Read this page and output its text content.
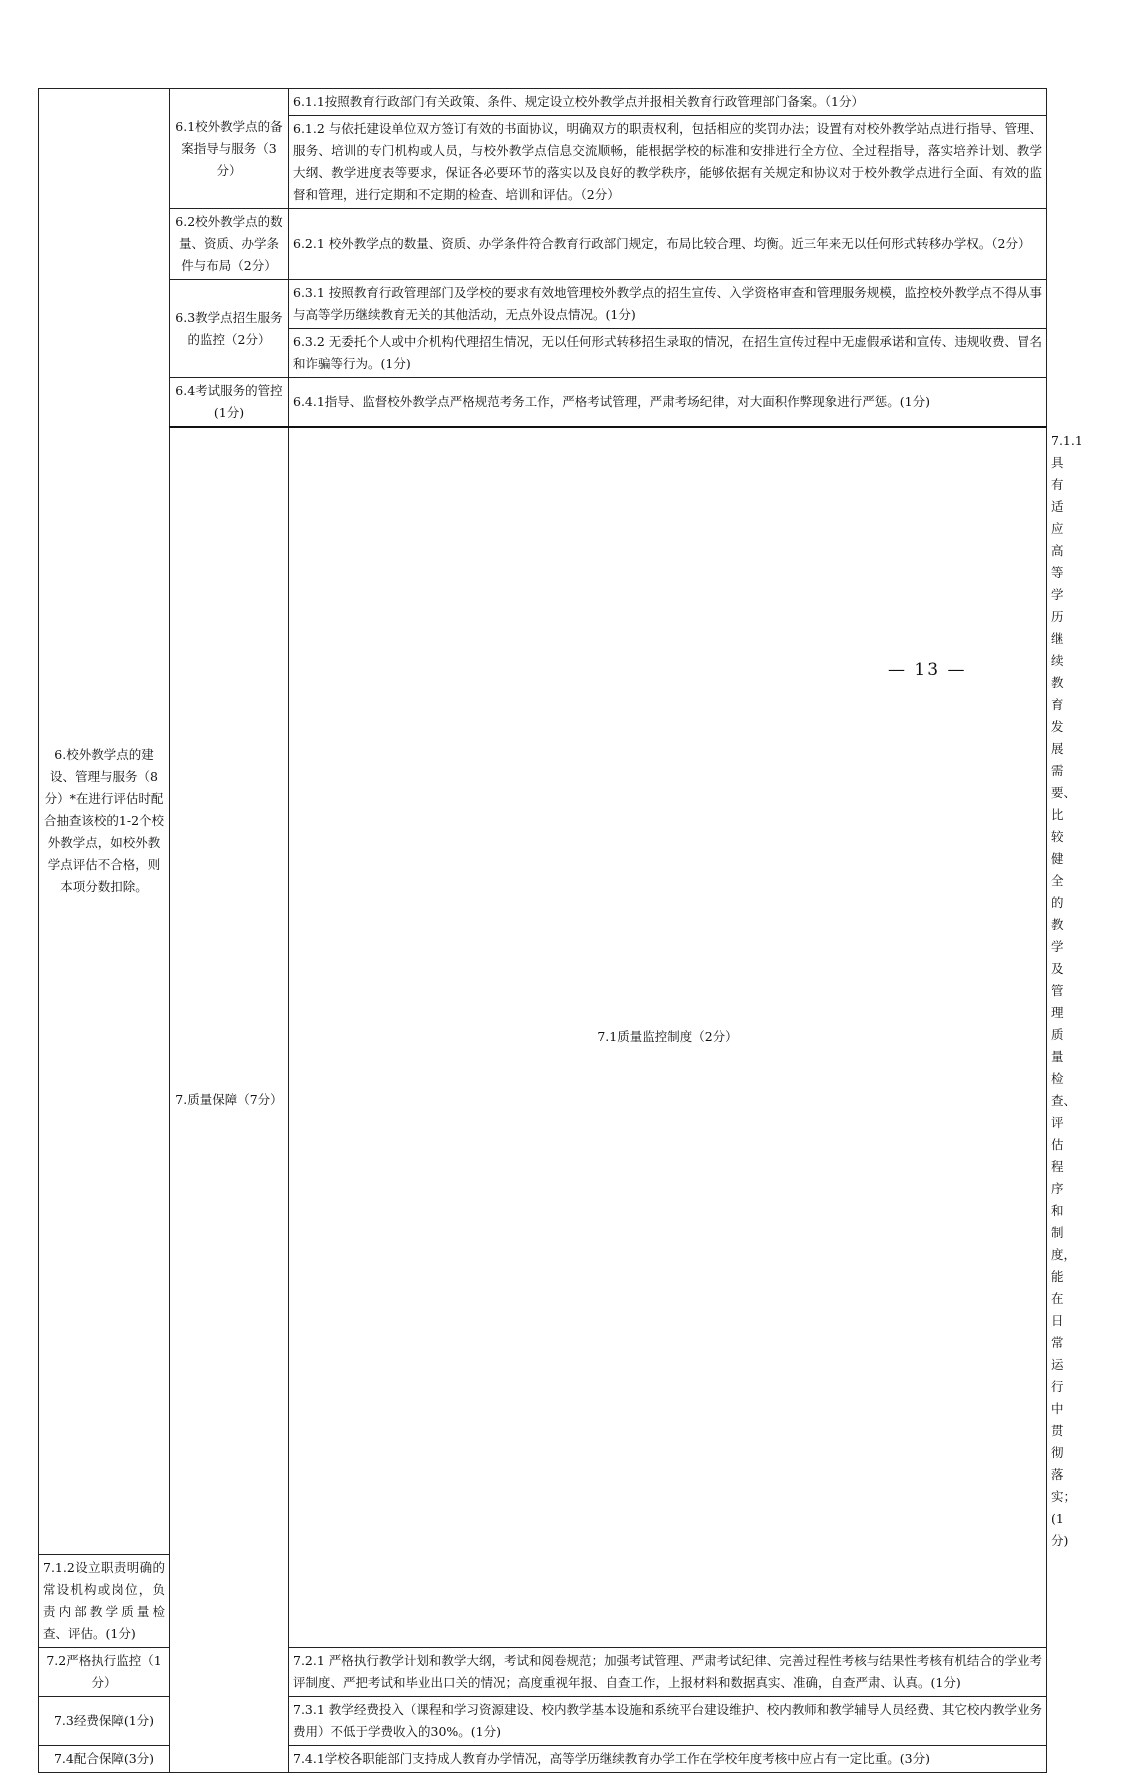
6.校外教学点的建设、管理与服务（8分）*在进行评估时配合抽查该校的1-2个校外教学点，如校外教学点评估不合格，则本项分数扣除。	6.1校外教学点的备案指导与服务（3分）	6.1.1按照教育行政部门有关政策、条件、规定设立校外教学点并报相关教育行政管理部门备案。（1分）	
		6.1.2 与依托建设单位双方签订有效的书面协议，明确双方的职责权利，包括相应的奖罚办法；设置有对校外教学站点进行指导、管理、服务、培训的专门机构或人员，与校外教学点信息交流顺畅，能根据学校的标准和安排进行全方位、全过程指导，落实培养计划、教学大纲、教学进度表等要求，保证各必要环节的落实以及良好的教学秩序，能够依据有关规定和协议对于校外教学点进行全面、有效的监督和管理，进行定期和不定期的检查、培训和评估。（2分）	
	6.2校外教学点的数量、资质、办学条件与布局（2分）	6.2.1 校外教学点的数量、资质、办学条件符合教育行政部门规定，布局比较合理、均衡。近三年来无以任何形式转移办学权。（2分）	
	6.3教学点招生服务的监控（2分）	6.3.1 按照教育行政管理部门及学校的要求有效地管理校外教学点的招生宣传、入学资格审查和管理服务规模，监控校外教学点不得从事与高等学历继续教育无关的其他活动，无点外设点情况。(1分)	
		6.3.2 无委托个人或中介机构代理招生情况，无以任何形式转移招生录取的情况，在招生宣传过程中无虚假承诺和宣传、违规收费、冒名和诈骗等行为。(1分)	
	6.4考试服务的管控(1分)	6.4.1指导、监督校外教学点严格规范考务工作，严格考试管理，严肃考场纪律，对大面积作弊现象进行严惩。(1分)	
	7.质量保障（7分）	7.1质量监控制度（2分）	7.1.1 具有适应高等学历继续教育发展需要、比较健全的教学及管理质量检查、评估程序和制度，能在日常运行中贯彻落实；(1分)
7.1.2设立职责明确的常设机构或岗位，负责内部教学质量检查、评估。(1分)			
7.2严格执行监控（1分）		7.2.1 严格执行教学计划和教学大纲，考试和阅卷规范；加强考试管理、严肃考试纪律、完善过程性考核与结果性考核有机结合的学业考评制度、严把考试和毕业出口关的情况；高度重视年报、自查工作，上报材料和数据真实、准确，自查严肃、认真。(1分)	
7.3经费保障(1分)		7.3.1 教学经费投入（课程和学习资源建设、校内教学基本设施和系统平台建设维护、校内教师和教学辅导人员经费、其它校内教学业务费用）不低于学费收入的30%。(1分)	
7.4配合保障(3分)		7.4.1学校各职能部门支持成人教育办学情况，高等学历继续教育办学工作在学校年度考核中应占有一定比重。(3分)	
— 13 —
